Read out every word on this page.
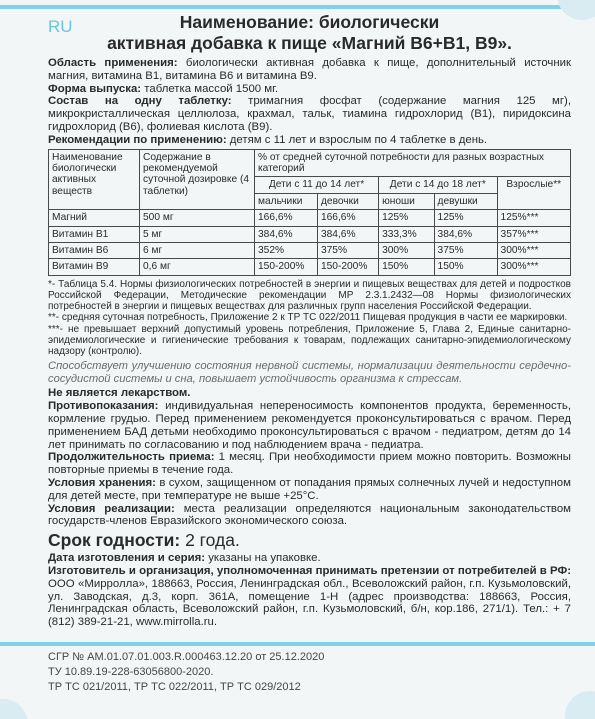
RU	Наименование: биологически
активная добавка к пище «Магний В6+В1, В9».

Область применения: биологически активная добавка к пище, дополнительный источник магния, витамина В1, витамина В6 и витамина В9.

Форма выпуска: таблетка массой 1500 мг.

Состав на одну таблетку: тримагния фосфат (содержание магния 125 мг), микрокристаллическая целлюлоза, крахмал, тальк, тиамина гидрохлорид (В1), пиридоксина гидрохлорид (В6), фолиевая кислота (В9).

Рекомендации по применению: детям с 11 лет и взрослым по 4 таблетке в день.

Наименование биологически активных веществ	Содержание в рекомендуемой суточной дозировке (4 таблетки)	% от средней суточной потребности для разных возрастных категорий				
		Дети с 11 до 14 лет*		Дети с 14 до 18 лет*		Взрослые**
		мальчики	девочки	юноши	девушки	
Магний	500 мг	166,6%	166,6%	125%	125%	125%***
Витамин В1	5 мг	384,6%	384,6%	333,3%	384,6%	357%***
Витамин В6	6 мг	352%	375%	300%	375%	300%***
Витамин В9	0,6 мг	150-200%	150-200%	150%	150%	300%***

*- Таблица 5.4. Нормы физиологических потребностей в энергии и пищевых веществах для детей и подростков Российской Федерации, Методические рекомендации МР 2.3.1.2432—08 Нормы физиологических потребностей в энергии и пищевых веществах для различных групп населения Российской Федерации.

**- средняя суточная потребность, Приложение 2 к ТР ТС 022/2011 Пищевая продукция в части ее маркировки.

***- не превышает верхний допустимый уровень потребления, Приложение 5, Глава 2, Единые санитарно-эпидемиологические и гигиенические требования к товарам, подлежащих санитарно-эпидемиологическому надзору (контролю).

Способствует улучшению состояния нервной системы, нормализации деятельности сердечно-сосудистой системы и сна, повышает устойчивость организма к стрессам.

Не является лекарством.

Противопоказания: индивидуальная непереносимость компонентов продукта, беременность, кормление грудью. Перед применением рекомендуется проконсультироваться с врачом. Перед применением БАД детьми необходимо проконсультироваться с врачом - педиатром, детям до 14 лет принимать по согласованию и под наблюдением врача - педиатра.

Продолжительность приема: 1 месяц. При необходимости прием можно повторить. Возможны повторные приемы в течение года.

Условия хранения: в сухом, защищенном от попадания прямых солнечных лучей и недоступном для детей месте, при температуре не выше +25°С.

Условия реализации: места реализации определяются национальным законодательством государств-членов Евразийского экономического союза.

Срок годности: 2 года.

Дата изготовления и серия: указаны на упаковке.

Изготовитель и организация, уполномоченная принимать претензии от потребителей в РФ: ООО «Мирролла», 188663, Россия, Ленинградская обл., Всеволожский район, г.п. Кузьмоловский, ул. Заводская, д.3, корп. 361А, помещение 1-Н (адрес производства: 188663, Россия, Ленинградская область, Всеволожский район, г.п. Кузьмоловский, б/н, кор.186, 271/1). Тел.: + 7 (812) 389-21-21, www.mirrolla.ru.

СГР № АМ.01.07.01.003.R.000463.12.20 от 25.12.2020
ТУ 10.89.19-228-63056800-2020.
ТР ТС 021/2011, ТР ТС 022/2011, ТР ТС 029/2012
